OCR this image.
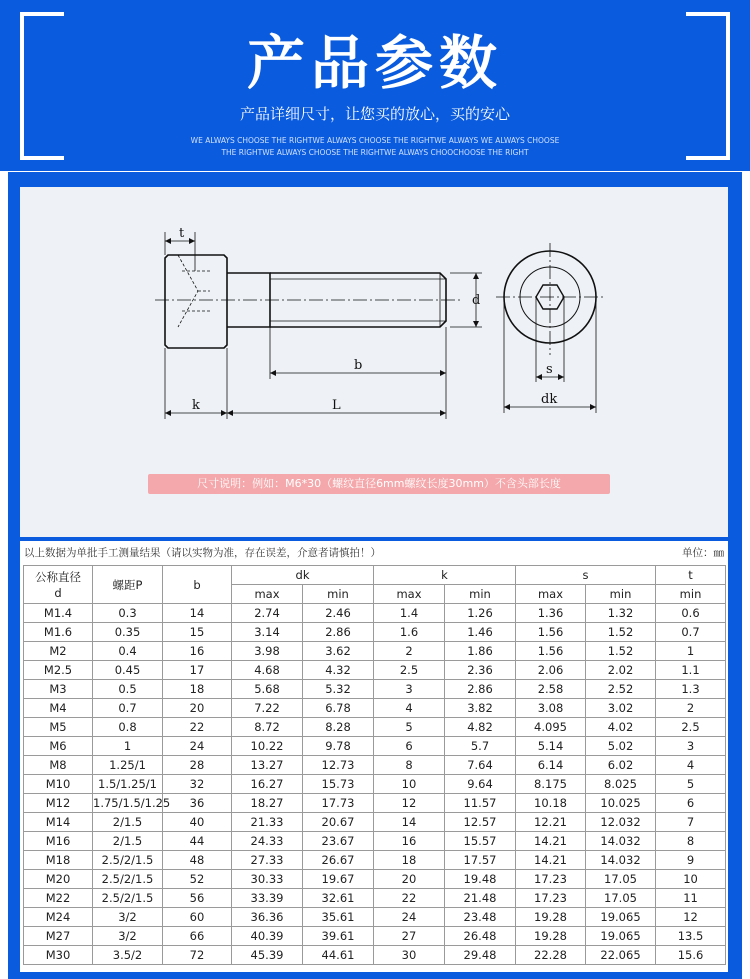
产品参数
产品详细尺寸，让您买的放心，买的安心
WE ALWAYS CHOOSE THE RIGHTWE ALWAYS CHOOSE THE RIGHTWE ALWAYS WE ALWAYS CHOOSE
THE RIGHTWE ALWAYS CHOOSE THE RIGHTWE ALWAYS CHOOCHOOSE THE RIGHT
t
d
b
k	L
s
dk
尺寸说明：例如：M6*30（螺纹直径6mm螺纹长度30mm）不含头部长度
以上数据为单批手工测量结果（请以实物为准，存在误差，介意者请慎拍！）	单位：㎜
公称直径
d	螺距P	b	dk		k		s		t
			max	min	max	min	max	min	min
M1.4	0.3	14	2.74	2.46	1.4	1.26	1.36	1.32	0.6
M1.6	0.35	15	3.14	2.86	1.6	1.46	1.56	1.52	0.7
M2	0.4	16	3.98	3.62	2	1.86	1.56	1.52	1
M2.5	0.45	17	4.68	4.32	2.5	2.36	2.06	2.02	1.1
M3	0.5	18	5.68	5.32	3	2.86	2.58	2.52	1.3
M4	0.7	20	7.22	6.78	4	3.82	3.08	3.02	2
M5	0.8	22	8.72	8.28	5	4.82	4.095	4.02	2.5
M6	1	24	10.22	9.78	6	5.7	5.14	5.02	3
M8	1.25/1	28	13.27	12.73	8	7.64	6.14	6.02	4
M10	1.5/1.25/1	32	16.27	15.73	10	9.64	8.175	8.025	5
M12	1.75/1.5/1.25	36	18.27	17.73	12	11.57	10.18	10.025	6
M14	2/1.5	40	21.33	20.67	14	12.57	12.21	12.032	7
M16	2/1.5	44	24.33	23.67	16	15.57	14.21	14.032	8
M18	2.5/2/1.5	48	27.33	26.67	18	17.57	14.21	14.032	9
M20	2.5/2/1.5	52	30.33	19.67	20	19.48	17.23	17.05	10
M22	2.5/2/1.5	56	33.39	32.61	22	21.48	17.23	17.05	11
M24	3/2	60	36.36	35.61	24	23.48	19.28	19.065	12
M27	3/2	66	40.39	39.61	27	26.48	19.28	19.065	13.5
M30	3.5/2	72	45.39	44.61	30	29.48	22.28	22.065	15.6
